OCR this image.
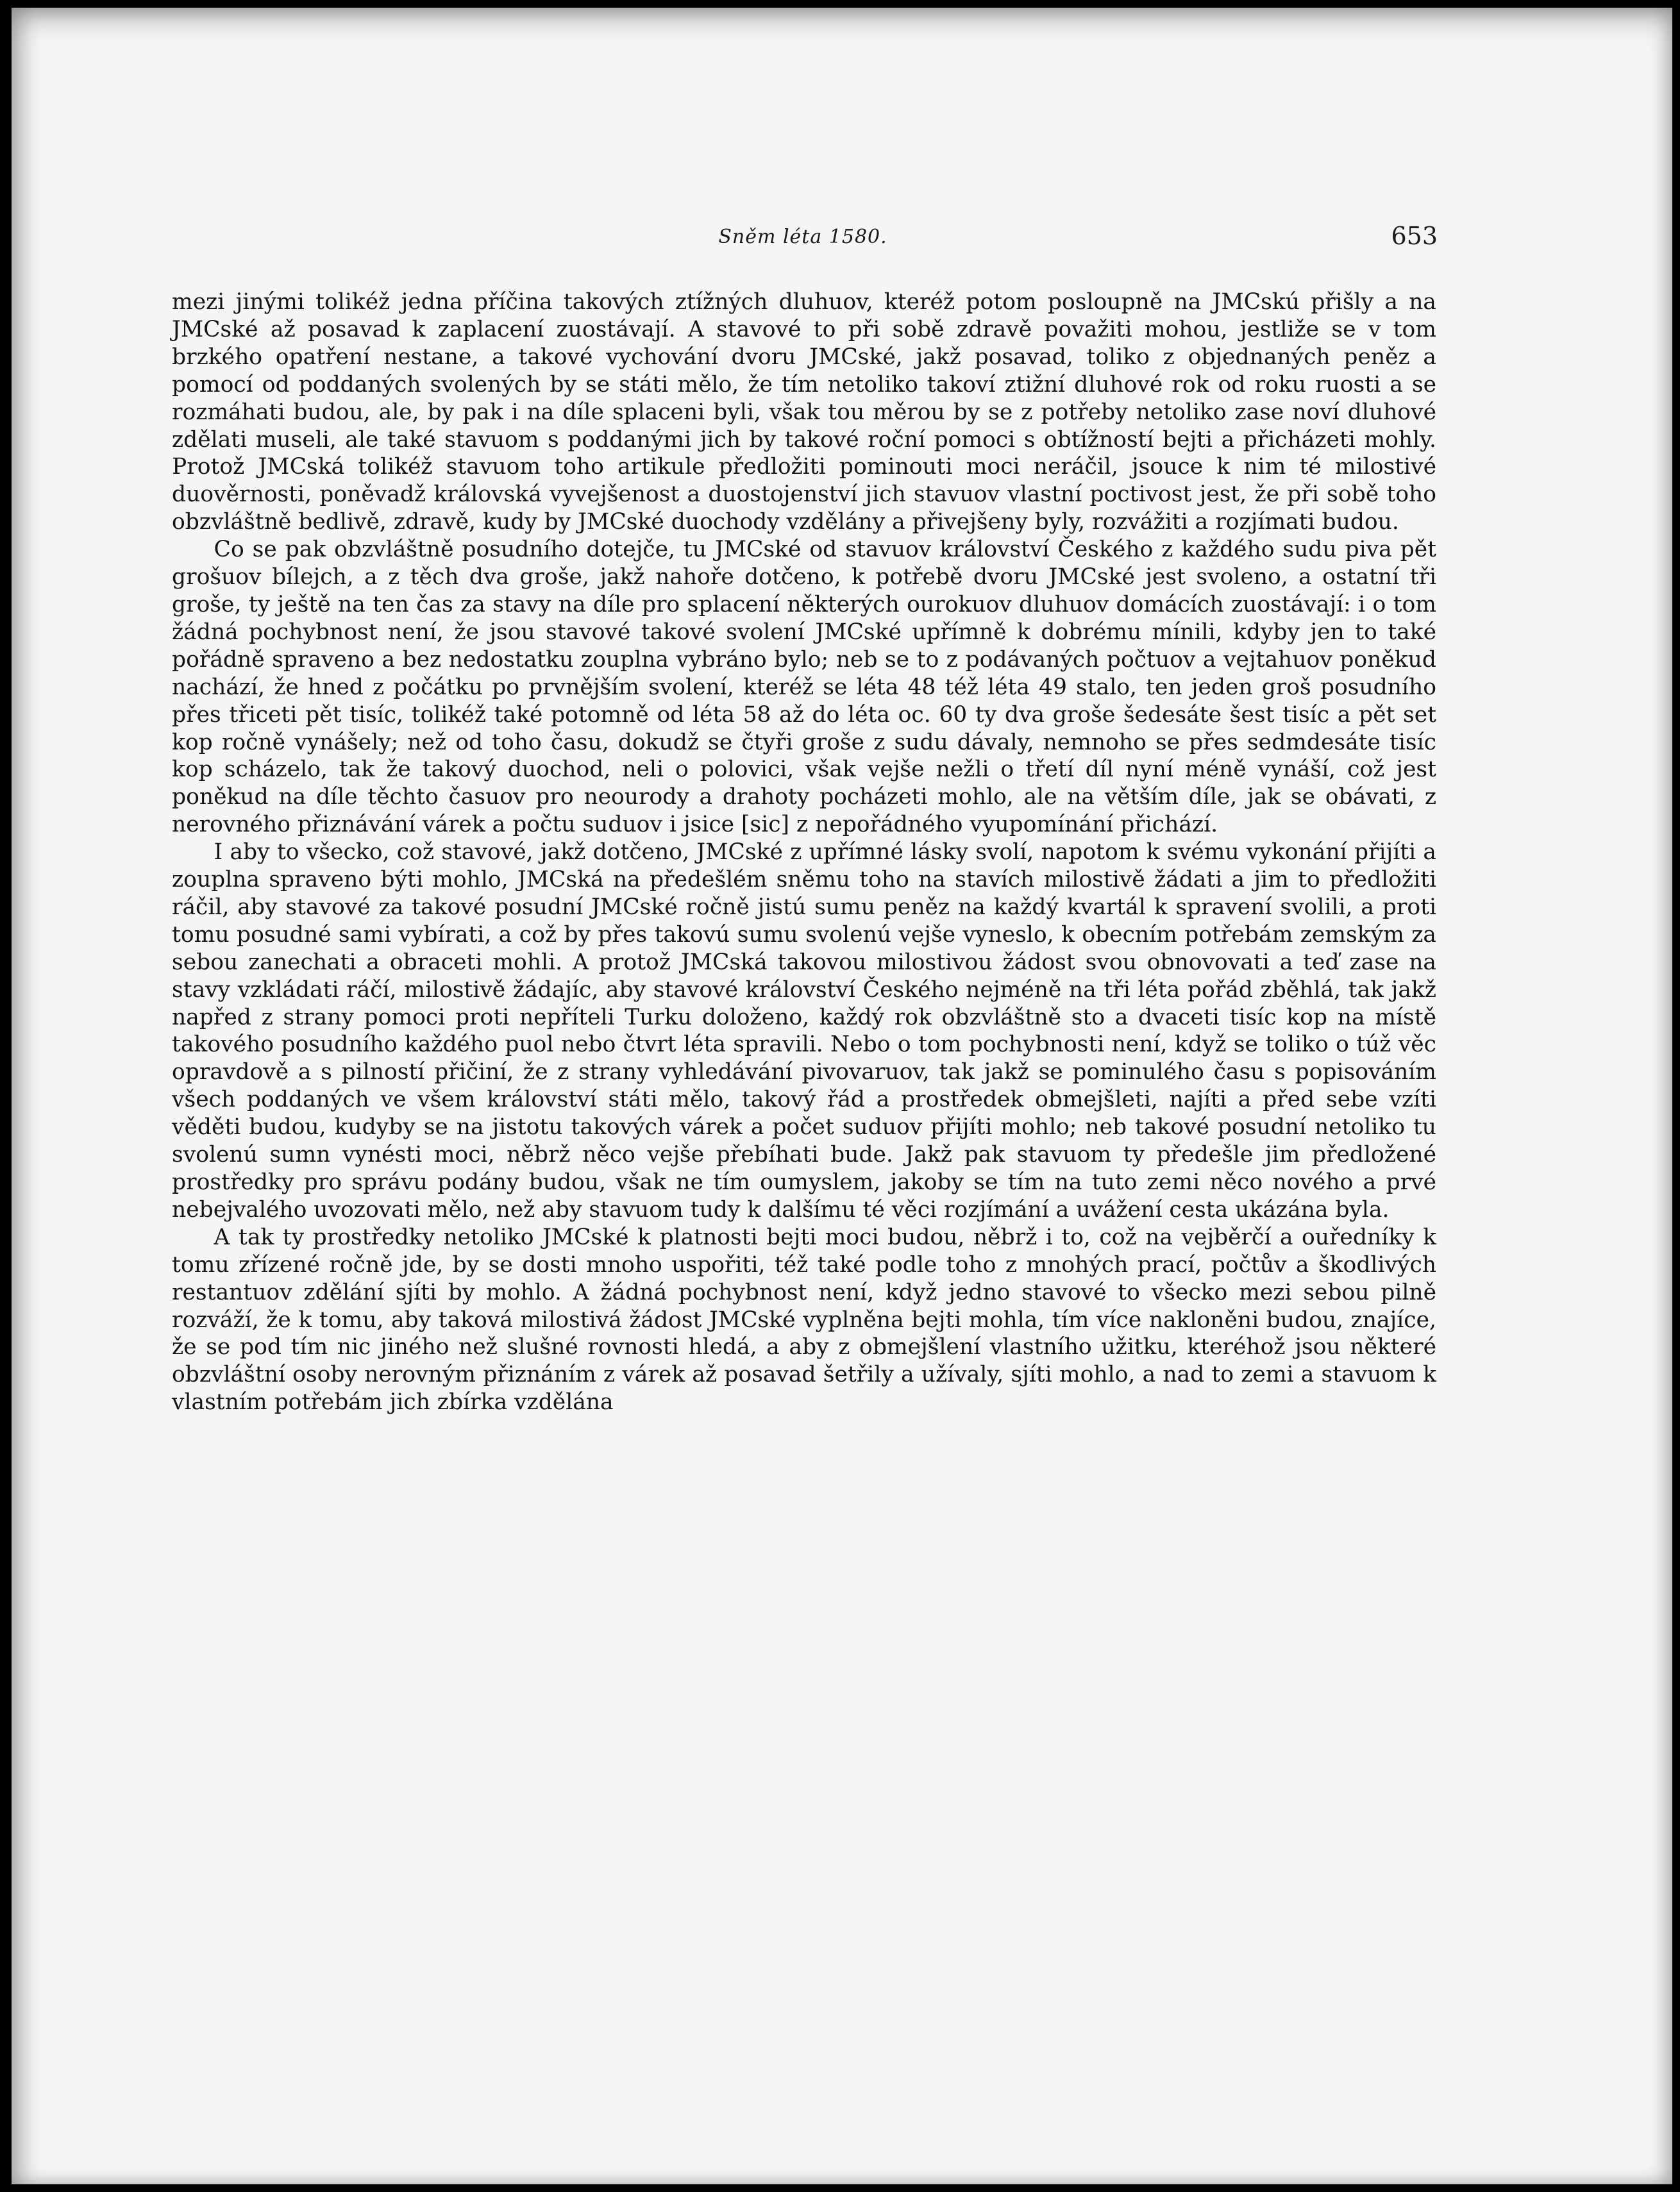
Sněm léta 1580.	653

mezi jinými tolikéž jedna příčina takových ztížných dluhuov, kteréž potom posloupně na JMCskú přišly a na JMCské až posavad k zaplacení zuostávají. A stavové to při sobě zdravě považiti mohou, jestliže se v tom brzkého opatření nestane, a takové vychování dvoru JMCské, jakž posavad, toliko z objednaných peněz a pomocí od poddaných svolených by se státi mělo, že tím netoliko takoví ztižní dluhové rok od roku ruosti a se rozmáhati budou, ale, by pak i na díle splaceni byli, však tou měrou by se z potřeby netoliko zase noví dluhové zdělati museli, ale také stavuom s poddanými jich by takové roční pomoci s obtížností bejti a přicházeti mohly. Protož JMCská tolikéž stavuom toho artikule předložiti pominouti moci neráčil, jsouce k nim té milostivé duověrnosti, poněvadž královská vyvejšenost a duostojenství jich stavuov vlastní poctivost jest, že při sobě toho obzvláštně bedlivě, zdravě, kudy by JMCské duochody vzdělány a přivejšeny byly, rozvážiti a rozjímati budou.

Co se pak obzvláštně posudního dotejče, tu JMCské od stavuov království Českého z každého sudu piva pět grošuov bílejch, a z těch dva groše, jakž nahoře dotčeno, k potřebě dvoru JMCské jest svoleno, a ostatní tři groše, ty ještě na ten čas za stavy na díle pro splacení některých ourokuov dluhuov domácích zuostávají: i o tom žádná pochybnost není, že jsou stavové takové svolení JMCské upřímně k dobrému mínili, kdyby jen to také pořádně spraveno a bez nedostatku zouplna vybráno bylo; neb se to z podávaných počtuov a vejtahuov poněkud nachází, že hned z počátku po prvnějším svolení, kteréž se léta 48 též léta 49 stalo, ten jeden groš posudního přes třiceti pět tisíc, tolikéž také potomně od léta 58 až do léta oc. 60 ty dva groše šedesáte šest tisíc a pět set kop ročně vynášely; než od toho času, dokudž se čtyři groše z sudu dávaly, nemnoho se přes sedmdesáte tisíc kop scházelo, tak že takový duochod, neli o polovici, však vejše nežli o třetí díl nyní méně vynáší, což jest poněkud na díle těchto časuov pro neourody a drahoty pocházeti mohlo, ale na větším díle, jak se obávati, z nerovného přiznávání várek a počtu suduov i jsice [sic] z nepořádného vyupomínání přichází.

I aby to všecko, což stavové, jakž dotčeno, JMCské z upřímné lásky svolí, napotom k svému vykonání přijíti a zouplna spraveno býti mohlo, JMCská na předešlém sněmu toho na stavích milostivě žádati a jim to předložiti ráčil, aby stavové za takové posudní JMCské ročně jistú sumu peněz na každý kvartál k spravení svolili, a proti tomu posudné sami vybírati, a což by přes takovú sumu svolenú vejše vyneslo, k obecním potřebám zemským za sebou zanechati a obraceti mohli. A protož JMCská takovou milostivou žádost svou obnovovati a teď zase na stavy vzkládati ráčí, milostivě žádajíc, aby stavové království Českého nejméně na tři léta pořád zběhlá, tak jakž napřed z strany pomoci proti nepříteli Turku doloženo, každý rok obzvláštně sto a dvaceti tisíc kop na místě takového posudního každého puol nebo čtvrt léta spravili. Nebo o tom pochybnosti není, když se toliko o túž věc opravdově a s pilností přičiní, že z strany vyhledávání pivovaruov, tak jakž se pominulého času s popisováním všech poddaných ve všem království státi mělo, takový řád a prostředek obmejšleti, najíti a před sebe vzíti věděti budou, kudyby se na jistotu takových várek a počet suduov přijíti mohlo; neb takové posudní netoliko tu svolenú sumn vynésti moci, něbrž něco vejše přebíhati bude. Jakž pak stavuom ty předešle jim předložené prostředky pro správu podány budou, však ne tím oumyslem, jakoby se tím na tuto zemi něco nového a prvé nebejvalého uvozovati mělo, než aby stavuom tudy k dalšímu té věci rozjímání a uvážení cesta ukázána byla.

A tak ty prostředky netoliko JMCské k platnosti bejti moci budou, něbrž i to, což na vejběrčí a ouředníky k tomu zřízené ročně jde, by se dosti mnoho uspořiti, též také podle toho z mnohých prací, počtův a škodlivých restantuov zdělání sjíti by mohlo. A žádná pochybnost není, když jedno stavové to všecko mezi sebou pilně rozváží, že k tomu, aby taková milostivá žádost JMCské vyplněna bejti mohla, tím více nakloněni budou, znajíce, že se pod tím nic jiného než slušné rovnosti hledá, a aby z obmejšlení vlastního užitku, kteréhož jsou některé obzvláštní osoby nerovným přiznáním z várek až posavad šetřily a užívaly, sjíti mohlo, a nad to zemi a stavuom k vlastním potřebám jich zbírka vzdělána
